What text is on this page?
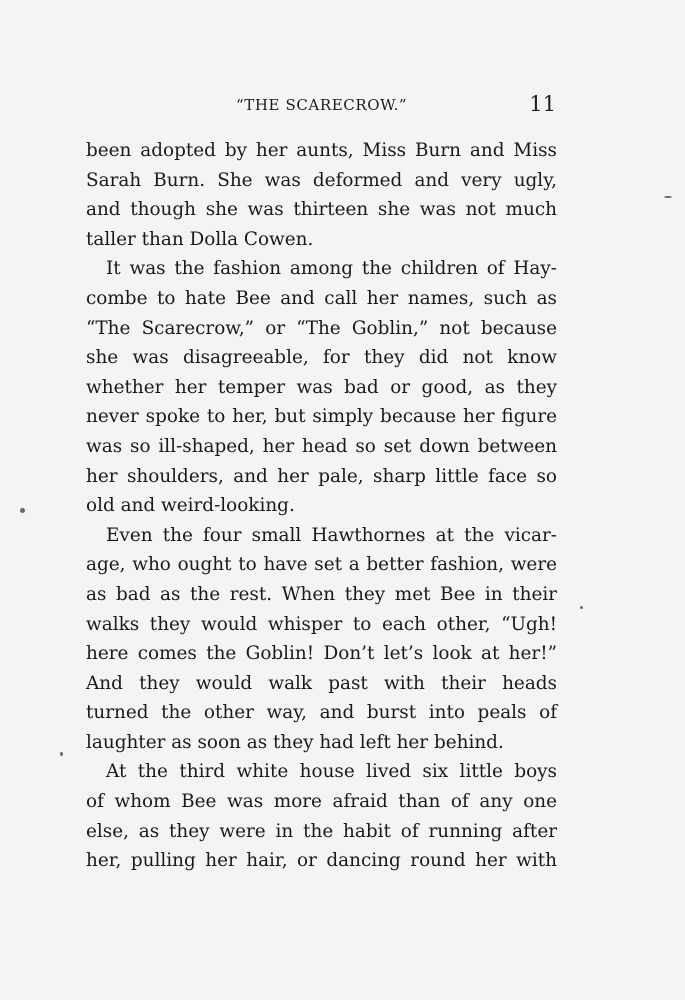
“THE SCARECROW.”	11
been adopted by her aunts, Miss Burn and Miss
Sarah Burn. She was deformed and very ugly,
and though she was thirteen she was not much
taller than Dolla Cowen.
It was the fashion among the children of Hay-
combe to hate Bee and call her names, such as
“The Scarecrow,” or “The Goblin,” not because
she was disagreeable, for they did not know
whether her temper was bad or good, as they
never spoke to her, but simply because her figure
was so ill-shaped, her head so set down between
her shoulders, and her pale, sharp little face so
old and weird-looking.
Even the four small Hawthornes at the vicar-
age, who ought to have set a better fashion, were
as bad as the rest. When they met Bee in their
walks they would whisper to each other, “Ugh!
here comes the Goblin! Don’t let’s look at her!”
And they would walk past with their heads
turned the other way, and burst into peals of
laughter as soon as they had left her behind.
At the third white house lived six little boys
of whom Bee was more afraid than of any one
else, as they were in the habit of running after
her, pulling her hair, or dancing round her with
